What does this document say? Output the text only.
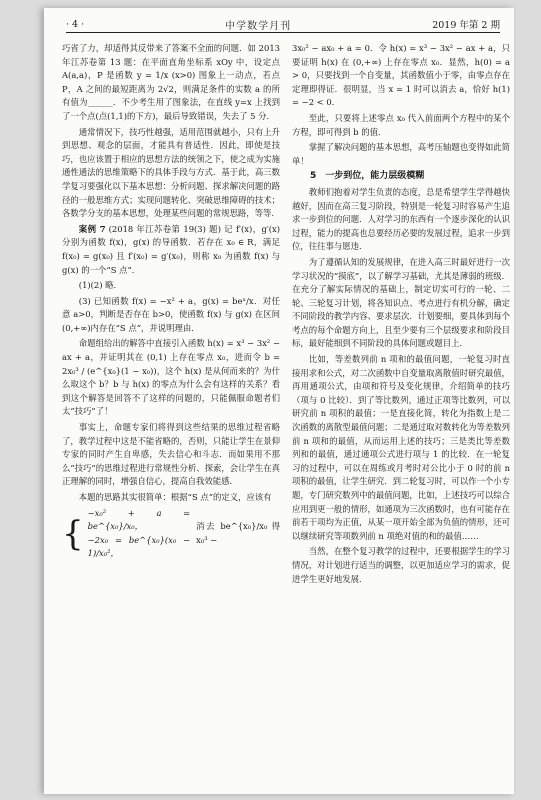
· 4 ·	中学数学月刊	2019 年第 2 期

巧省了力，却适得其反带来了答案不全面的问题．如 2013 年江苏卷第 13 题：在平面直角坐标系 xOy 中，设定点 A(a,a)，P 是函数 y = 1/x (x>0) 图象上一动点，若点 P，A 之间的最短距离为 2√2，则满足条件的实数 a 的所有值为______．不少考生用了图象法，在直线 y=x 上找到了一个点(点(1,1)的下方)，最后导致错误，失去了 5 分．

通常情况下，技巧性越强，适用范围就越小，只有上升到思想、观念的层面，才能具有普适性．因此，即使是技巧，也应该置于相应的思想方法的统领之下，使之成为实施通性通法的思维策略下的具体手段与方式．基于此，高三数学复习要强化以下基本思想：分析问题、探求解决问题的路径的一般思维方式；实现问题转化、突破思维障碍的技术；各数学分支的基本思想，处理某些问题的常规思路，等等．

案例 7 (2018 年江苏卷第 19(3) 题) 记 f′(x)，g′(x) 分别为函数 f(x)，g(x) 的导函数．若存在 x₀ ∈ R，满足 f(x₀) = g(x₀) 且 f′(x₀) = g′(x₀)，则称 x₀ 为函数 f(x) 与 g(x) 的一个“S 点”．

(1)(2) 略．

(3) 已知函数 f(x) = −x² + a，g(x) = beˣ/x．对任意 a>0，判断是否存在 b>0，使函数 f(x) 与 g(x) 在区间(0,+∞)内存在“S 点”，并说明理由．

命题组给出的解答中直接引入函数 h(x) = x³ − 3x² − ax + a，并证明其在 (0,1) 上存在零点 x₀，进而令 b = 2x₀³ / (e^{x₀}(1 − x₀))，这个 h(x) 是从何而来的？为什么取这个 b？b 与 h(x) 的零点为什么会有这样的关系？看到这个解答是回答不了这样的问题的，只能佩服命题者们太“技巧”了！

事实上，命题专家们将得到这些结果的思维过程省略了，教学过程中这是不能省略的，否则，只能让学生在景仰专家的同时产生自卑感，失去信心和斗志．而如果用不那么“技巧”的思维过程进行常规性分析、探索，会让学生在真正理解的同时，增强自信心，提高自我效能感．

本题的思路其实很简单：根据“S 点”的定义，应该有

{
−x₀² + a = be^{x₀}/x₀，
−2x₀ = be^{x₀}(x₀ − 1)/x₀²，
消去 be^{x₀}/x₀ 得 x₀³ −

3x₀² − ax₀ + a = 0．令 h(x) = x³ − 3x² − ax + a，只要证明 h(x) 在 (0,+∞) 上存在零点 x₀．显然，h(0) = a > 0，只要找到一个自变量，其函数值小于零，由零点存在定理即得证．很明显，当 x = 1 时可以消去 a，恰好 h(1) = −2 < 0．

至此，只要将上述零点 x₀ 代入前面两个方程中的某个方程，即可得到 b 的值．

掌握了解决问题的基本思想，高考压轴题也变得如此简单！

5　一步到位，能力层级模糊

教师们抱着对学生负责的态度，总是希望学生学得越快越好，因而在高三复习阶段，特别是一轮复习时容易产生追求一步到位的问题．人对学习的东西有一个逐步深化的认识过程，能力的提高也总要经历必要的发展过程，追求一步到位，往往事与愿违．

为了遵循认知的发展规律，在进入高三时最好进行一次学习状况的“摸底”，以了解学习基础，尤其是薄弱的班级．在充分了解实际情况的基础上，制定切实可行的一轮、二轮、三轮复习计划，将各知识点、考点进行有机分解，确定不同阶段的教学内容、要求层次．计划要细，要具体到每个考点的每个命题方向上，且至少要有三个层级要求和阶段目标，最好能细到不同阶段的具体问题或题目上．

比如，等差数列前 n 项和的最值问题，一轮复习时直接用求和公式，对二次函数中自变量取离散值时研究最值，再用通项公式，由项和符号及变化规律，介绍简单的技巧（项与 0 比较）．到了等比数列，通过正项等比数列，可以研究前 n 项积的最值；一是直接化简，转化为指数上是二次函数的离散型最值问题；二是通过取对数转化为等差数列前 n 项和的最值，从而运用上述的技巧；三是类比等差数列和的最值，通过通项公式进行项与 1 的比较．在一轮复习的过程中，可以在周练或月考时对公比小于 0 时的前 n 项积的最值，让学生研究．到二轮复习时，可以作一个小专题，专门研究数列中的最值问题，比如，上述技巧可以综合应用到更一般的情形，如通项为三次函数时，也有可能存在前若干项均为正值，从某一项开始全部为负值的情形，还可以继续研究等项数列前 n 项绝对值的和的最值……

当然，在整个复习教学的过程中，还要根据学生的学习情况，对计划进行适当的调整，以更加适应学习的需求，促进学生更好地发展．
